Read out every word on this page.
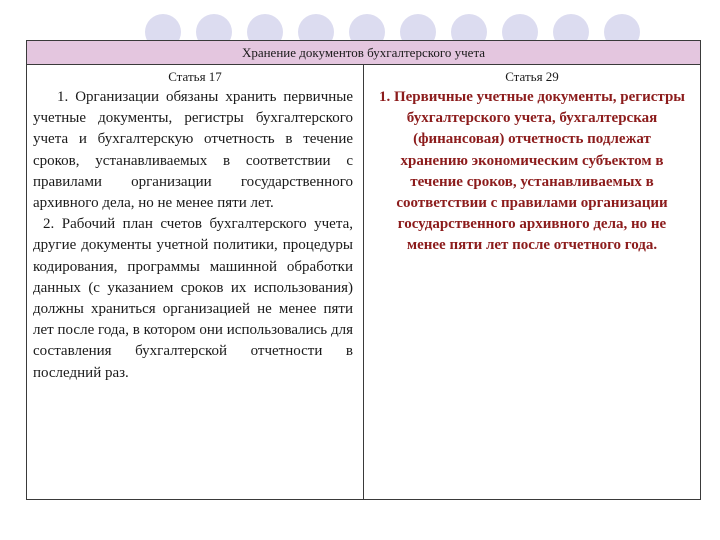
Хранение документов бухгалтерского учета
Статья 17

1. Организации обязаны хранить первичные учетные документы, регистры бухгалтерского учета и бухгалтерскую отчетность в течение сроков, устанавливаемых в соответствии с правилами организации государственного архивного дела, но не менее пяти лет.

2. Рабочий план счетов бухгалтерского учета, другие документы учетной политики, процедуры кодирования, программы машинной обработки данных (с указанием сроков их использования) должны храниться организацией не менее пяти лет после года, в котором они использовались для составления бухгалтерской отчетности в последний раз.

Статья 29
1. Первичные учетные документы, регистры бухгалтерского учета, бухгалтерская (финансовая) отчетность подлежат хранению экономическим субъектом в течение сроков, устанавливаемых в соответствии с правилами организации государственного архивного дела, но не менее пяти лет после отчетного года.
